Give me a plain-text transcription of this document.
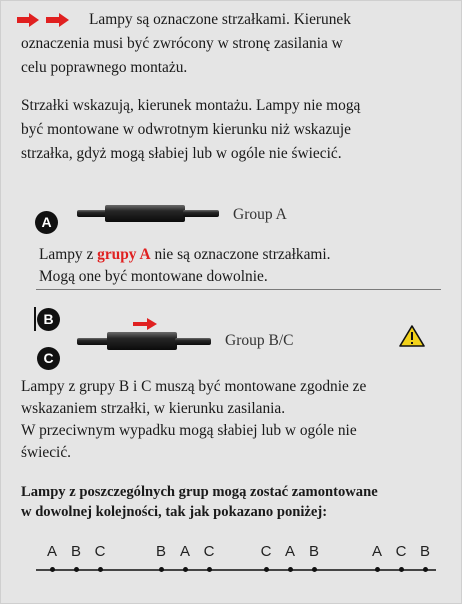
Lampy są oznaczone strzałkami. Kierunek

oznaczenia musi być zwrócony w stronę zasilania w

celu poprawnego montażu.

Strzałki wskazują, kierunek montażu. Lampy nie mogą

być montowane w odwrotnym kierunku niż wskazuje

strzałka, gdyż mogą słabiej lub w ogóle nie świecić.

A	Group A

Lampy z grupy A nie są oznaczone strzałkami.

Mogą one być montowane dowolnie.

B
C
Group B/C

Lampy z grupy B i C muszą być montowane zgodnie ze

wskazaniem strzałki, w kierunku zasilania.

W przeciwnym wypadku mogą słabiej lub w ogóle nie

świecić.

Lampy z poszczególnych grup mogą zostać zamontowane

w dowolnej kolejności, tak jak pokazano poniżej:

A B C	B A C	C A B	A C B
